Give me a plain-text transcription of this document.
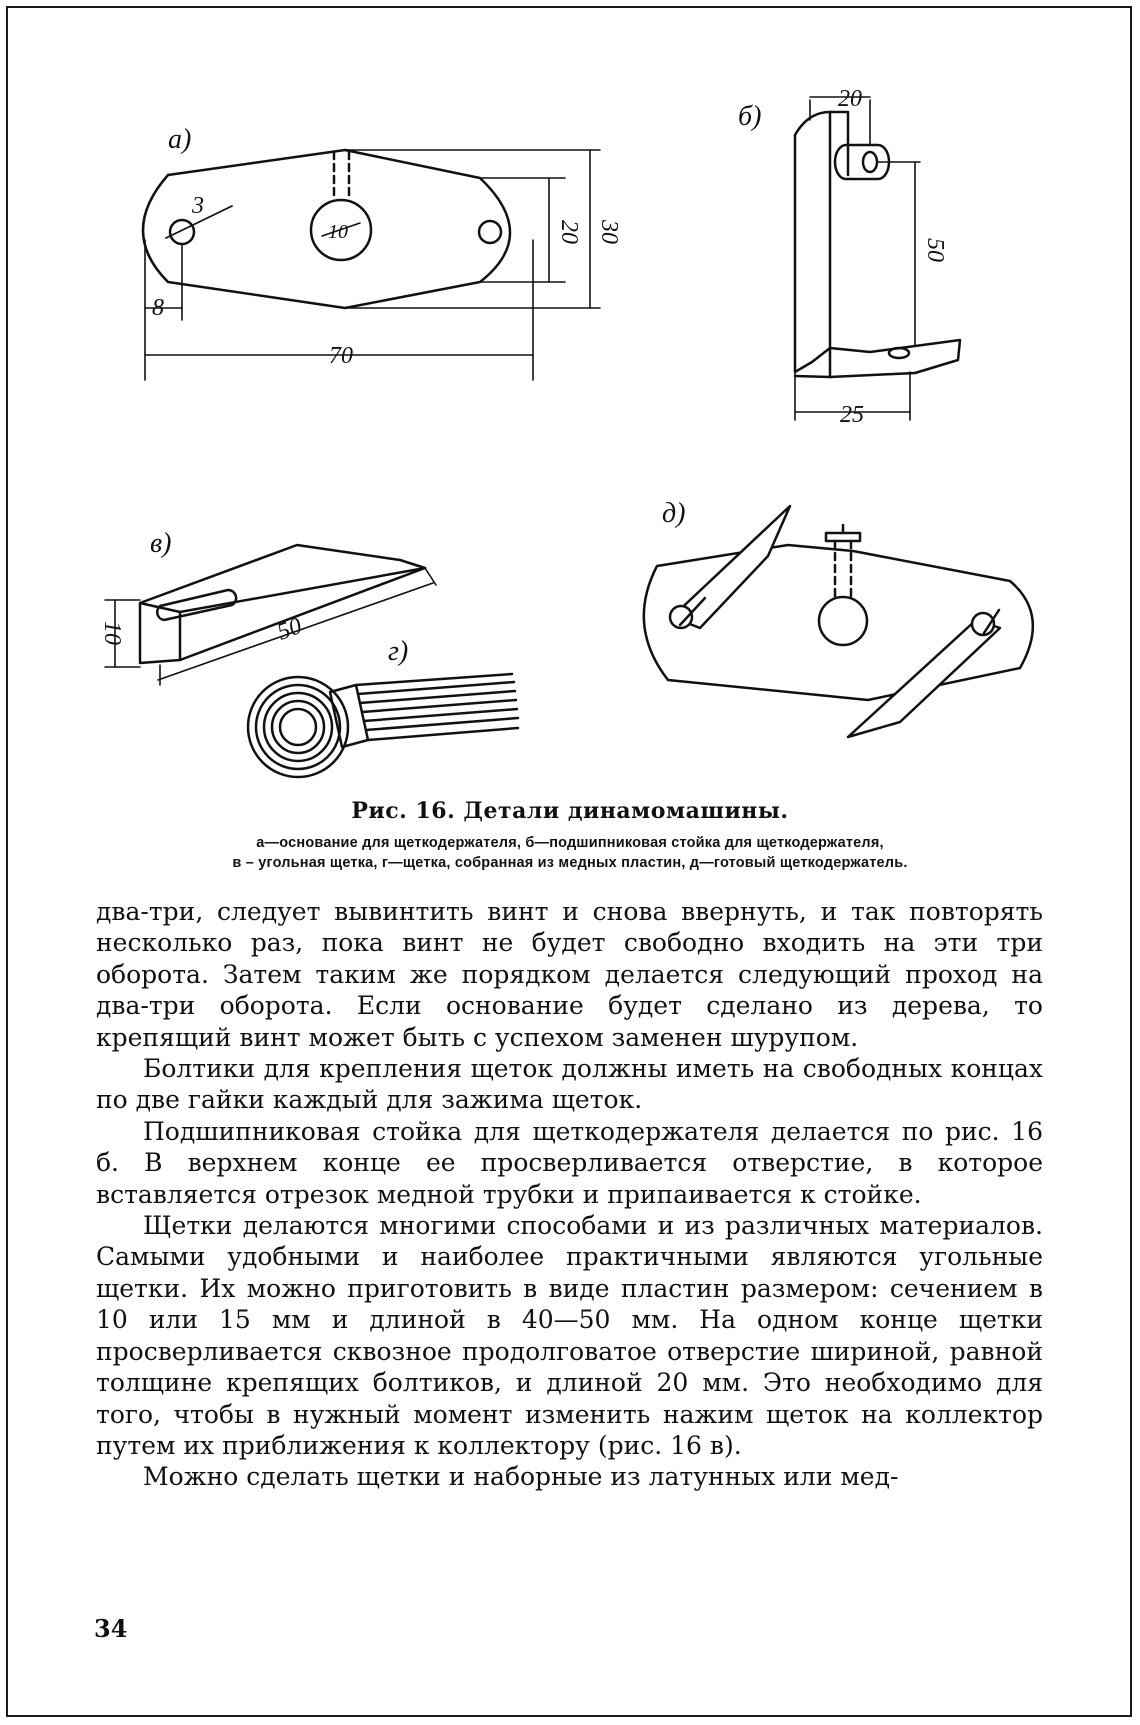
а)
б)
в)
г)
д)
3
10	20 30
8
70
20
50
25
10	50
Рис. 16. Детали динамомашины.
а—основание для щеткодержателя, б—подшипниковая стойка для щеткодержателя,
в – угольная щетка, г—щетка, собранная из медных пластин, д—готовый щеткодержатель.

два-три, следует вывинтить винт и снова ввернуть, и так повторять несколько раз, пока винт не будет свободно входить на эти три оборота. Затем таким же порядком делается следующий проход на два-три оборота. Если основание будет сделано из дерева, то крепящий винт может быть с успехом заменен шурупом.

Болтики для крепления щеток должны иметь на свободных концах по две гайки каждый для зажима щеток.

Подшипниковая стойка для щеткодержателя делается по рис. 16 б. В верхнем конце ее просверливается отверстие, в которое вставляется отрезок медной трубки и припаивается к стойке.

Щетки делаются многими способами и из различных материалов. Самыми удобными и наиболее практичными являются угольные щетки. Их можно приготовить в виде пластин размером: сечением в 10 или 15 мм и длиной в 40—50 мм. На одном конце щетки просверливается сквозное продолговатое отверстие шириной, равной толщине крепящих болтиков, и длиной 20 мм. Это необходимо для того, чтобы в нужный момент изменить нажим щеток на коллектор путем их приближения к коллектору (рис. 16 в).

Можно сделать щетки и наборные из латунных или мед-

34
